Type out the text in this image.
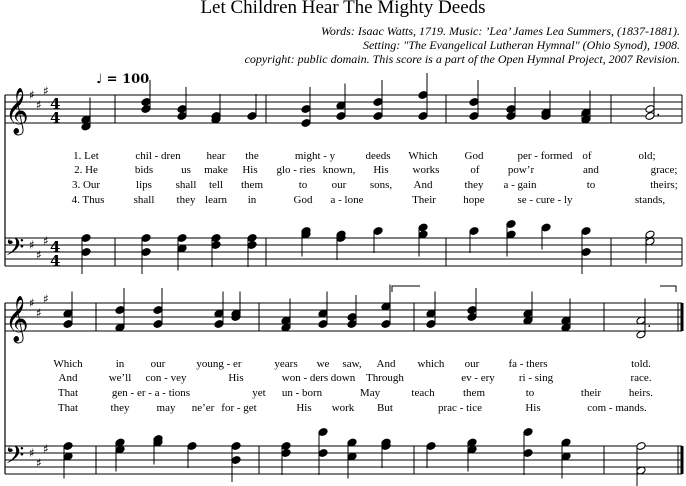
Let Children Hear The Mighty Deeds
Words: Isaac Watts, 1719. Music: ’Lea’ James Lea Summers, (1837-1881).
Setting: "The Evangelical Lutheran Hymnal" (Ohio Synod), 1908.
copyright: public domain. This score is a part of the Open Hymnal Project, 2007 Revision.
𝄞
𝄢
♯
♯
♯
♯
♯
♯
4
4
4
4
♩ = 100
♯	.
𝄞
𝄢
♯
♯
♯
♯
♯
♯
.
1. Let	chil - dren hear the	might - y	deeds Which God	per - formed of	old;
2. He	bids	us make His glo - ries known, His works	of	pow’r	and	grace;
3. Our	lips shall tell them	to our sons, And	they a - gain	to	theirs;
4. Thus	shall they learn in	God a - lone	Their hope	se - cure - ly	stands,
Which	in our	young - er	years we saw, And which our	fa - thers	told.
And	we’ll con - vey	His	won - ders down Through	ev - ery ri - sing	race.
That	gen - er - a - tions	yet un - born	May	teach	them	to	their	heirs.
That	they may ne’er for - get	His work But	prac - tice	His	com - mands.
